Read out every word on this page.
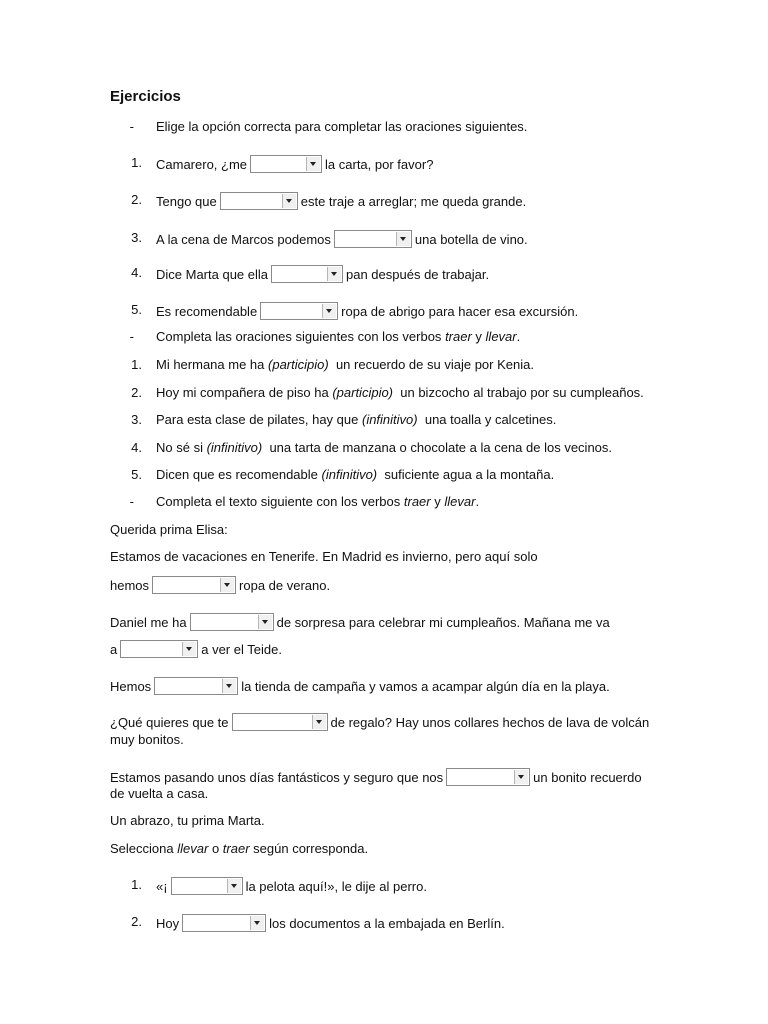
Ejercicios
- Elige la opción correcta para completar las oraciones siguientes.
1. Camarero, ¿me	la carta, por favor?
2. Tengo que	este traje a arreglar; me queda grande.
3. A la cena de Marcos podemos	una botella de vino.
4. Dice Marta que ella	pan después de trabajar.
5. Es recomendable	ropa de abrigo para hacer esa excursión.
- Completa las oraciones siguientes con los verbos traer y llevar.
1. Mi hermana me ha (participio) un recuerdo de su viaje por Kenia.
2. Hoy mi compañera de piso ha (participio) un bizcocho al trabajo por su cumpleaños.
3. Para esta clase de pilates, hay que (infinitivo) una toalla y calcetines.
4. No sé si (infinitivo) una tarta de manzana o chocolate a la cena de los vecinos.
5. Dicen que es recomendable (infinitivo) suficiente agua a la montaña.
- Completa el texto siguiente con los verbos traer y llevar.
Querida prima Elisa:
Estamos de vacaciones en Tenerife. En Madrid es invierno, pero aquí solo
hemos	ropa de verano.
Daniel me ha	de sorpresa para celebrar mi cumpleaños. Mañana me va
a	a ver el Teide.
Hemos	la tienda de campaña y vamos a acampar algún día en la playa.
¿Qué quieres que te	de regalo? Hay unos collares hechos de lava de volcán
muy bonitos.
Estamos pasando unos días fantásticos y seguro que nos	un bonito recuerdo
de vuelta a casa.
Un abrazo, tu prima Marta.
Selecciona llevar o traer según corresponda.
1. «¡	la pelota aquí!», le dije al perro.
2. Hoy	los documentos a la embajada en Berlín.
